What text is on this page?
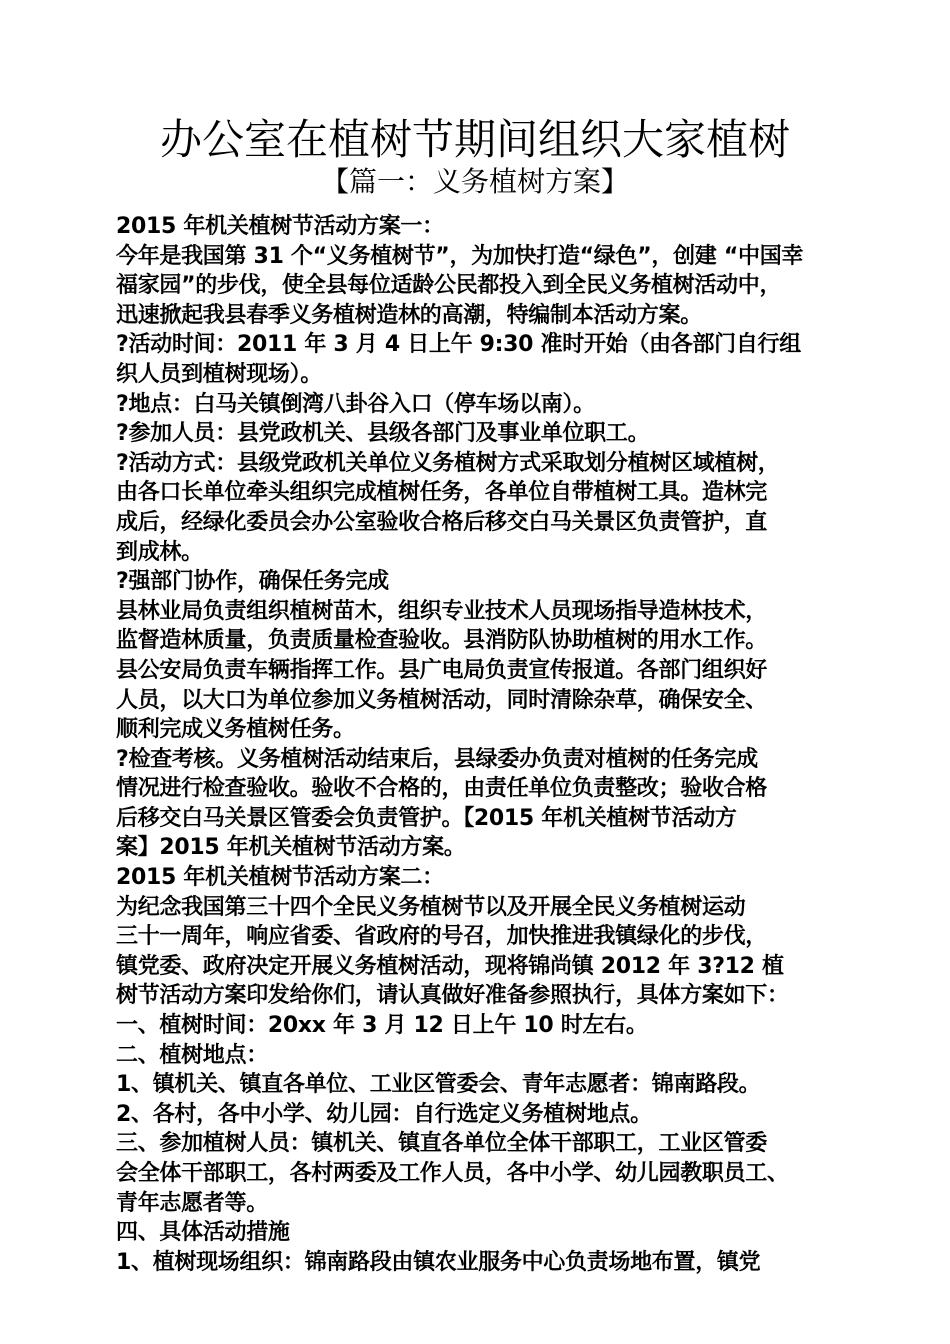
办公室在植树节期间组织大家植树
【篇一：义务植树方案】
2015 年机关植树节活动方案一：
今年是我国第 31 个“义务植树节”，为加快打造“绿色”，创建 “中国幸
福家园”的步伐，使全县每位适龄公民都投入到全民义务植树活动中，
迅速掀起我县春季义务植树造林的高潮，特编制本活动方案。
?活动时间：2011 年 3 月 4 日上午 9:30 准时开始（由各部门自行组
织人员到植树现场）。
?地点：白马关镇倒湾八卦谷入口（停车场以南）。
?参加人员：县党政机关、县级各部门及事业单位职工。
?活动方式：县级党政机关单位义务植树方式采取划分植树区域植树，
由各口长单位牵头组织完成植树任务，各单位自带植树工具。造林完
成后，经绿化委员会办公室验收合格后移交白马关景区负责管护，直
到成林。
?强部门协作，确保任务完成
县林业局负责组织植树苗木，组织专业技术人员现场指导造林技术，
监督造林质量，负责质量检查验收。县消防队协助植树的用水工作。
县公安局负责车辆指挥工作。县广电局负责宣传报道。各部门组织好
人员，以大口为单位参加义务植树活动，同时清除杂草，确保安全、
顺利完成义务植树任务。
?检查考核。义务植树活动结束后，县绿委办负责对植树的任务完成
情况进行检查验收。验收不合格的，由责任单位负责整改；验收合格
后移交白马关景区管委会负责管护。【2015 年机关植树节活动方
案】2015 年机关植树节活动方案。
2015 年机关植树节活动方案二：
为纪念我国第三十四个全民义务植树节以及开展全民义务植树运动
三十一周年，响应省委、省政府的号召，加快推进我镇绿化的步伐，
镇党委、政府决定开展义务植树活动，现将锦尚镇 2012 年 3?12 植
树节活动方案印发给你们，请认真做好准备参照执行，具体方案如下：
一、植树时间：20xx 年 3 月 12 日上午 10 时左右。
二、植树地点：
1、镇机关、镇直各单位、工业区管委会、青年志愿者：锦南路段。
2、各村，各中小学、幼儿园：自行选定义务植树地点。
三、参加植树人员：镇机关、镇直各单位全体干部职工，工业区管委
会全体干部职工，各村两委及工作人员，各中小学、幼儿园教职员工、
青年志愿者等。
四、具体活动措施
1、植树现场组织：锦南路段由镇农业服务中心负责场地布置，镇党
